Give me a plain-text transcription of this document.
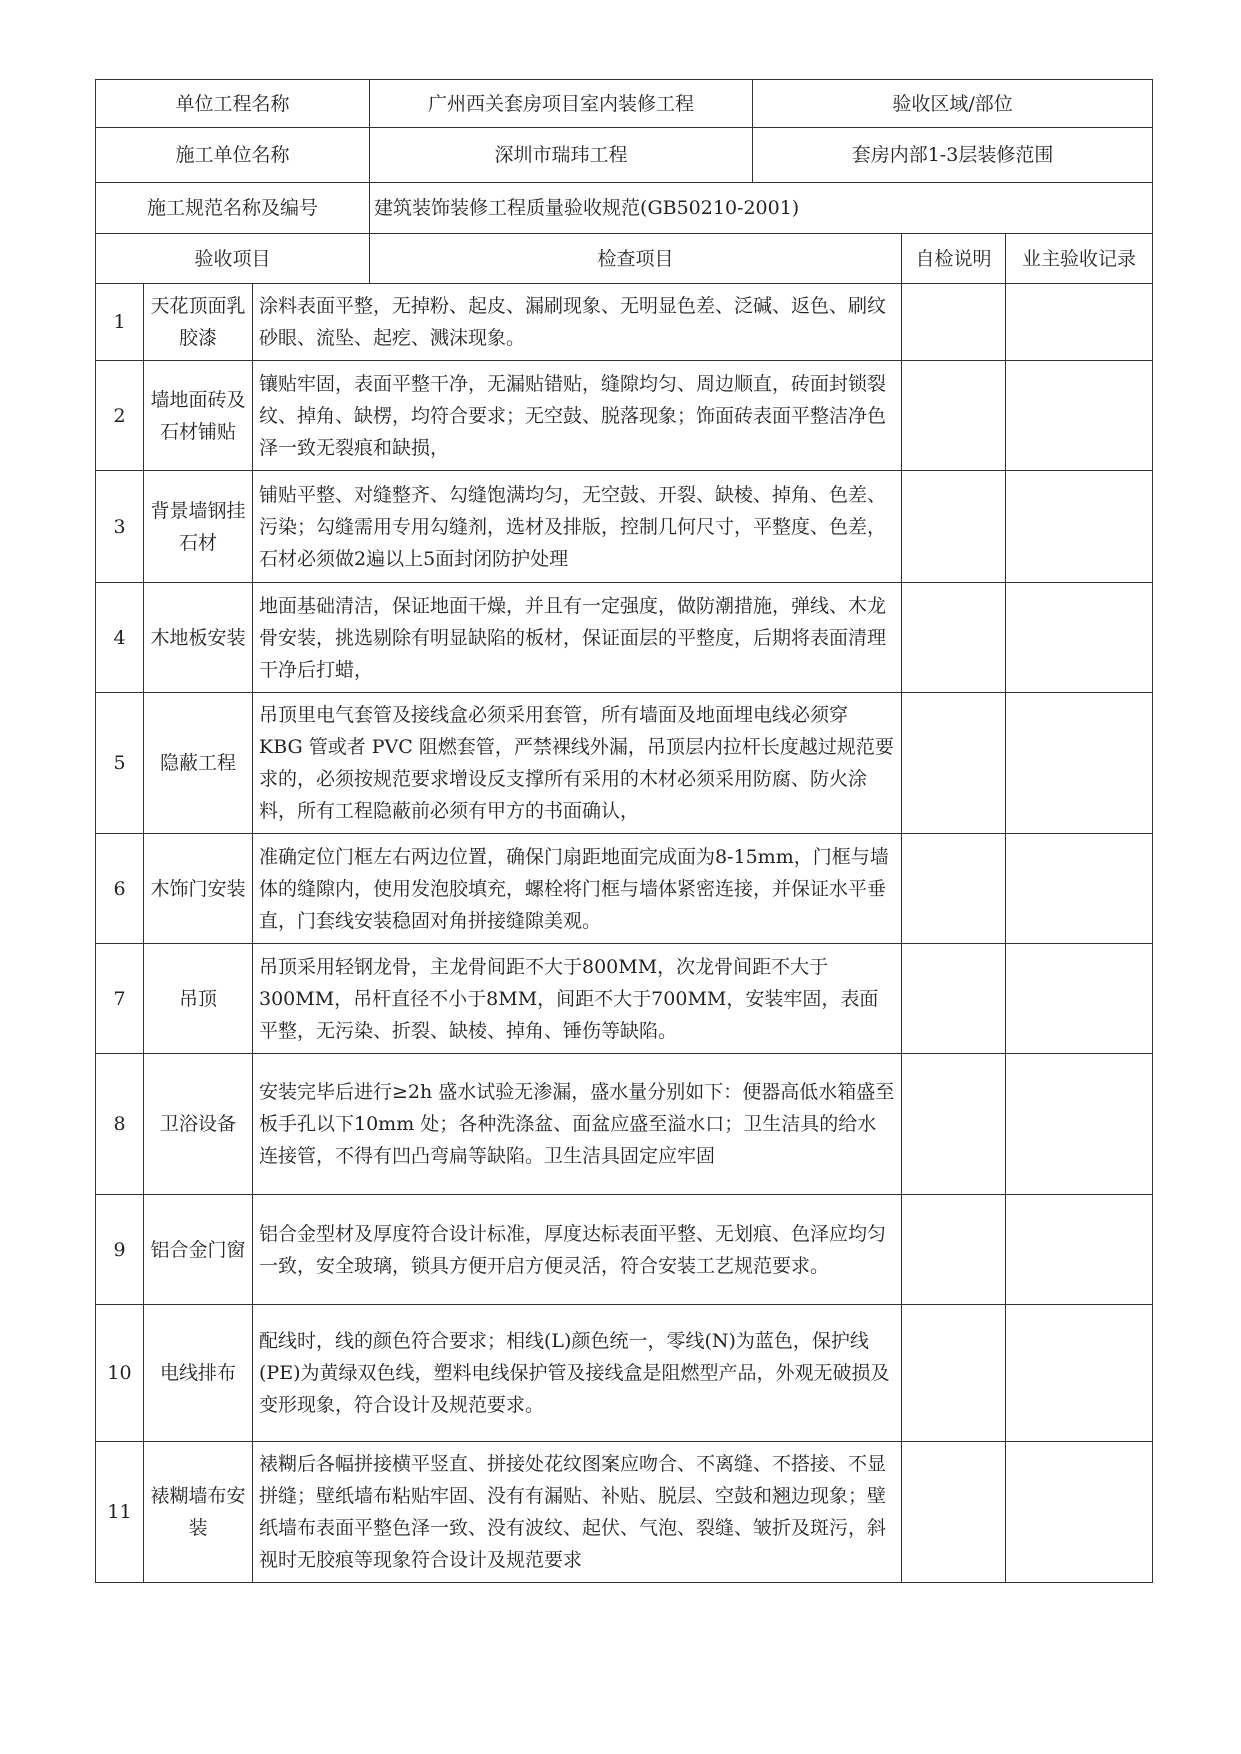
单位工程名称			广州西关套房项目室内装修工程	验收区域/部位		
施工单位名称			深圳市瑞玮工程	套房内部1-3层装修范围		
施工规范名称及编号			建筑装饰装修工程质量验收规范(GB50210-2001)			
验收项目			检查项目		自检说明	业主验收记录
1	天花顶面乳胶漆	涂料表面平整，无掉粉、起皮、漏刷现象、无明显色差、泛碱、返色、刷纹砂眼、流坠、起疙、溅沫现象。				
2	墙地面砖及石材铺贴	镶贴牢固，表面平整干净，无漏贴错贴，缝隙均匀、周边顺直，砖面封锁裂纹、掉角、缺楞，均符合要求；无空鼓、脱落现象；饰面砖表面平整洁净色泽一致无裂痕和缺损，				
3	背景墙钢挂石材	铺贴平整、对缝整齐、勾缝饱满均匀，无空鼓、开裂、缺棱、掉角、色差、污染；勾缝需用专用勾缝剂，选材及排版，控制几何尺寸，平整度、色差，石材必须做2遍以上5面封闭防护处理				
4	木地板安装	地面基础清洁，保证地面干燥，并且有一定强度，做防潮措施，弹线、木龙骨安装，挑选剔除有明显缺陷的板材，保证面层的平整度，后期将表面清理干净后打蜡，				
5	隐蔽工程	吊顶里电气套管及接线盒必须采用套管，所有墙面及地面埋电线必须穿 KBG 管或者 PVC 阻燃套管，严禁裸线外漏，吊顶层内拉杆长度越过规范要求的，必须按规范要求增设反支撑所有采用的木材必须采用防腐、防火涂料，所有工程隐蔽前必须有甲方的书面确认，				
6	木饰门安装	准确定位门框左右两边位置，确保门扇距地面完成面为8-15mm，门框与墙体的缝隙内，使用发泡胶填充，螺栓将门框与墙体紧密连接，并保证水平垂直，门套线安装稳固对角拼接缝隙美观。				
7	吊顶	吊顶采用轻钢龙骨，主龙骨间距不大于800MM，次龙骨间距不大于300MM，吊杆直径不小于8MM，间距不大于700MM，安装牢固，表面平整，无污染、折裂、缺棱、掉角、锤伤等缺陷。				
8	卫浴设备	安装完毕后进行≥2h 盛水试验无渗漏，盛水量分别如下：便器高低水箱盛至板手孔以下10mm 处；各种洗涤盆、面盆应盛至溢水口；卫生洁具的给水连接管，不得有凹凸弯扁等缺陷。卫生洁具固定应牢固				
9	铝合金门窗	铝合金型材及厚度符合设计标准，厚度达标表面平整、无划痕、色泽应均匀一致，安全玻璃，锁具方便开启方便灵活，符合安装工艺规范要求。				
10	电线排布	配线时，线的颜色符合要求；相线(L)颜色统一，零线(N)为蓝色，保护线(PE)为黄绿双色线，塑料电线保护管及接线盒是阻燃型产品，外观无破损及变形现象，符合设计及规范要求。				
11	裱糊墙布安装	裱糊后各幅拼接横平竖直、拼接处花纹图案应吻合、不离缝、不搭接、不显拼缝；壁纸墙布粘贴牢固、没有有漏贴、补贴、脱层、空鼓和翘边现象；壁纸墙布表面平整色泽一致、没有波纹、起伏、气泡、裂缝、皱折及斑污，斜视时无胶痕等现象符合设计及规范要求				
